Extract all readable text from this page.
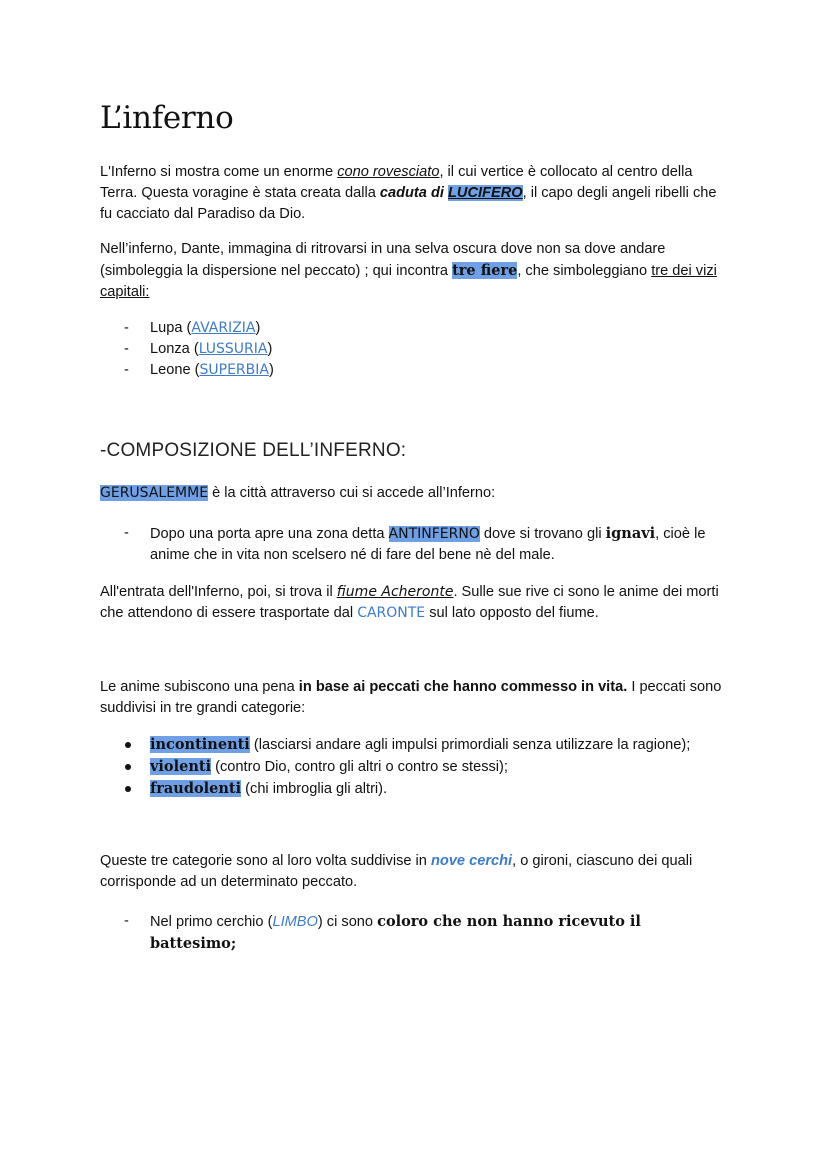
L’inferno

L'Inferno si mostra come un enorme cono rovesciato, il cui vertice è collocato al centro della Terra. Questa voragine è stata creata dalla caduta di LUCIFERO, il capo degli angeli ribelli che fu cacciato dal Paradiso da Dio.

Nell’inferno, Dante, immagina di ritrovarsi in una selva oscura dove non sa dove andare (simboleggia la dispersione nel peccato) ; qui incontra tre fiere, che simboleggiano tre dei vizi capitali:

- Lupa (AVARIZIA)
- Lonza (LUSSURIA)
- Leone (SUPERBIA)
-COMPOSIZIONE DELL’INFERNO:

GERUSALEMME è la città attraverso cui si accede all’Inferno:

- Dopo una porta apre una zona detta ANTINFERNO dove si trovano gli ignavi, cioè le anime che in vita non scelsero né di fare del bene nè del male.

All'entrata dell'Inferno, poi, si trova il fiume Acheronte. Sulle sue rive ci sono le anime dei morti che attendono di essere trasportate dal CARONTE sul lato opposto del fiume.

Le anime subiscono una pena in base ai peccati che hanno commesso in vita. I peccati sono suddivisi in tre grandi categorie:

incontinenti (lasciarsi andare agli impulsi primordiali senza utilizzare la ragione);
violenti (contro Dio, contro gli altri o contro se stessi);
fraudolenti (chi imbroglia gli altri).

Queste tre categorie sono al loro volta suddivise in nove cerchi, o gironi, ciascuno dei quali corrisponde ad un determinato peccato.

- Nel primo cerchio (LIMBO) ci sono coloro che non hanno ricevuto il battesimo;
